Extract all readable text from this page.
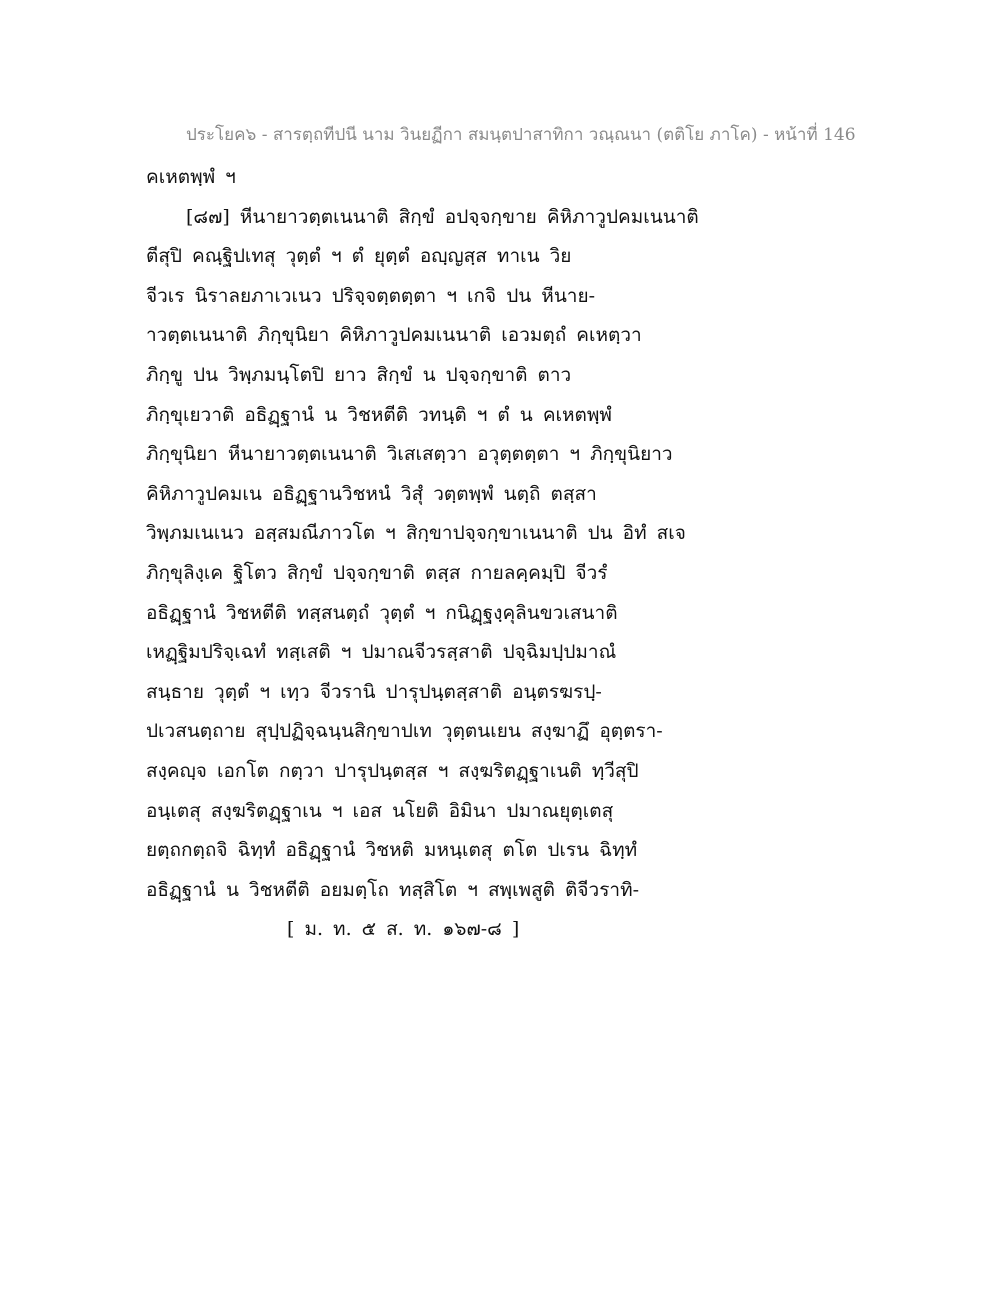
ประโยค๖ - สารตฺถทีปนี นาม วินยฏีกา สมนฺตปาสาทิกา วณฺณนา (ตติโย ภาโค) - หน้าที่ 146
คเหตพฺพํ ฯ
[๘๗] หีนายาวตฺตเนนาติ สิกฺขํ อปจฺจกฺขาย คิหิภาวูปคมเนนาติ
ตีสุปิ คณฺฐิปเทสุ วุตฺตํ ฯ ตํ ยุตฺตํ อญฺญสฺส ทาเน วิย
จีวเร นิราลยภาเวเนว ปริจฺจตฺตตฺตา ฯ เกจิ ปน หีนาย-
าวตฺตเนนาติ ภิกฺขุนิยา คิหิภาวูปคมเนนาติ เอวมตฺถํ คเหตฺวา
ภิกฺขู ปน วิพฺภมนฺโตปิ ยาว สิกฺขํ น ปจฺจกฺขาติ ตาว
ภิกฺขุเยวาติ อธิฏฺฐานํ น วิชหตีติ วทนฺติ ฯ ตํ น คเหตพฺพํ
ภิกฺขุนิยา หีนายาวตฺตเนนาติ วิเสเสตฺวา อวุตฺตตฺตา ฯ ภิกฺขุนิยาว
คิหิภาวูปคมเน อธิฏฺฐานวิชหนํ วิสุํ วตฺตพฺพํ นตฺถิ ตสฺสา
วิพฺภมเนเนว อสฺสมณีภาวโต ฯ สิกฺขาปจฺจกฺขาเนนาติ ปน อิทํ สเจ
ภิกฺขุลิงฺเค ฐิโตว สิกฺขํ ปจฺจกฺขาติ ตสฺส กายลคฺคมฺปิ จีวรํ
อธิฏฺฐานํ วิชหตีติ ทสฺสนตฺถํ วุตฺตํ ฯ กนิฏฺฐงฺคุลินขวเสนาติ
เหฏฺฐิมปริจฺเฉทํ ทสฺเสติ ฯ ปมาณจีวรสฺสาติ ปจฺฉิมปฺปมาณํ
สนฺธาย วุตฺตํ ฯ เทฺว จีวรานิ ปารุปนฺตสฺสาติ อนฺตรฆรปฺ-
ปเวสนตฺถาย สุปฺปฏิจฺฉนฺนสิกฺขาปเท วุตฺตนเยน สงฺฆาฏึ อุตฺตรา-
สงฺคญฺจ เอกโต กตฺวา ปารุปนฺตสฺส ฯ สงฺฆริตฏฺฐาเนติ ทฺวีสุปิ
อนฺเตสุ สงฺฆริตฏฺฐาเน ฯ เอส นโยติ อิมินา ปมาณยุตฺเตสุ
ยตฺถกตฺถจิ ฉิทฺทํ อธิฏฺฐานํ วิชหติ มหนฺเตสุ ตโต ปเรน ฉิทฺทํ
อธิฏฺฐานํ น วิชหตีติ อยมตฺโถ ทสฺสิโต ฯ สพฺเพสูติ ติจีวราทิ-
[ ม. ท. ๕ ส. ท. ๑๖๗-๘ ]
